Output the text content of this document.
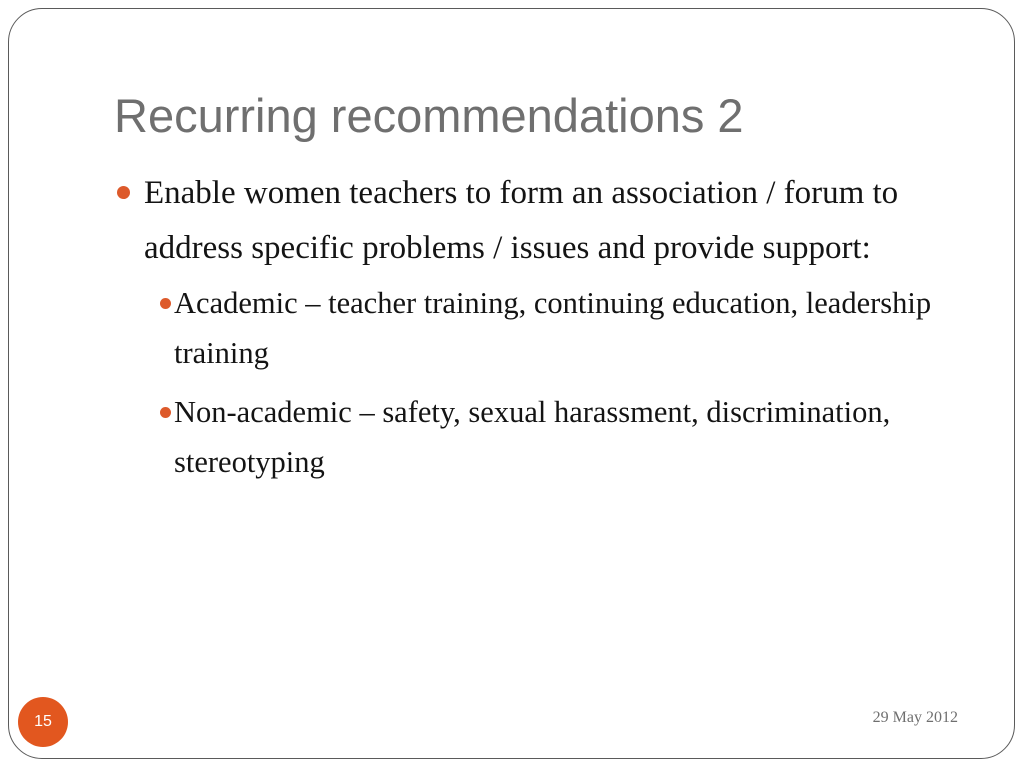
Recurring recommendations 2
Enable women teachers to form an association / forum to address specific problems / issues and provide support:
Academic – teacher training, continuing education, leadership training
Non-academic – safety, sexual harassment, discrimination, stereotyping
15	29 May 2012
